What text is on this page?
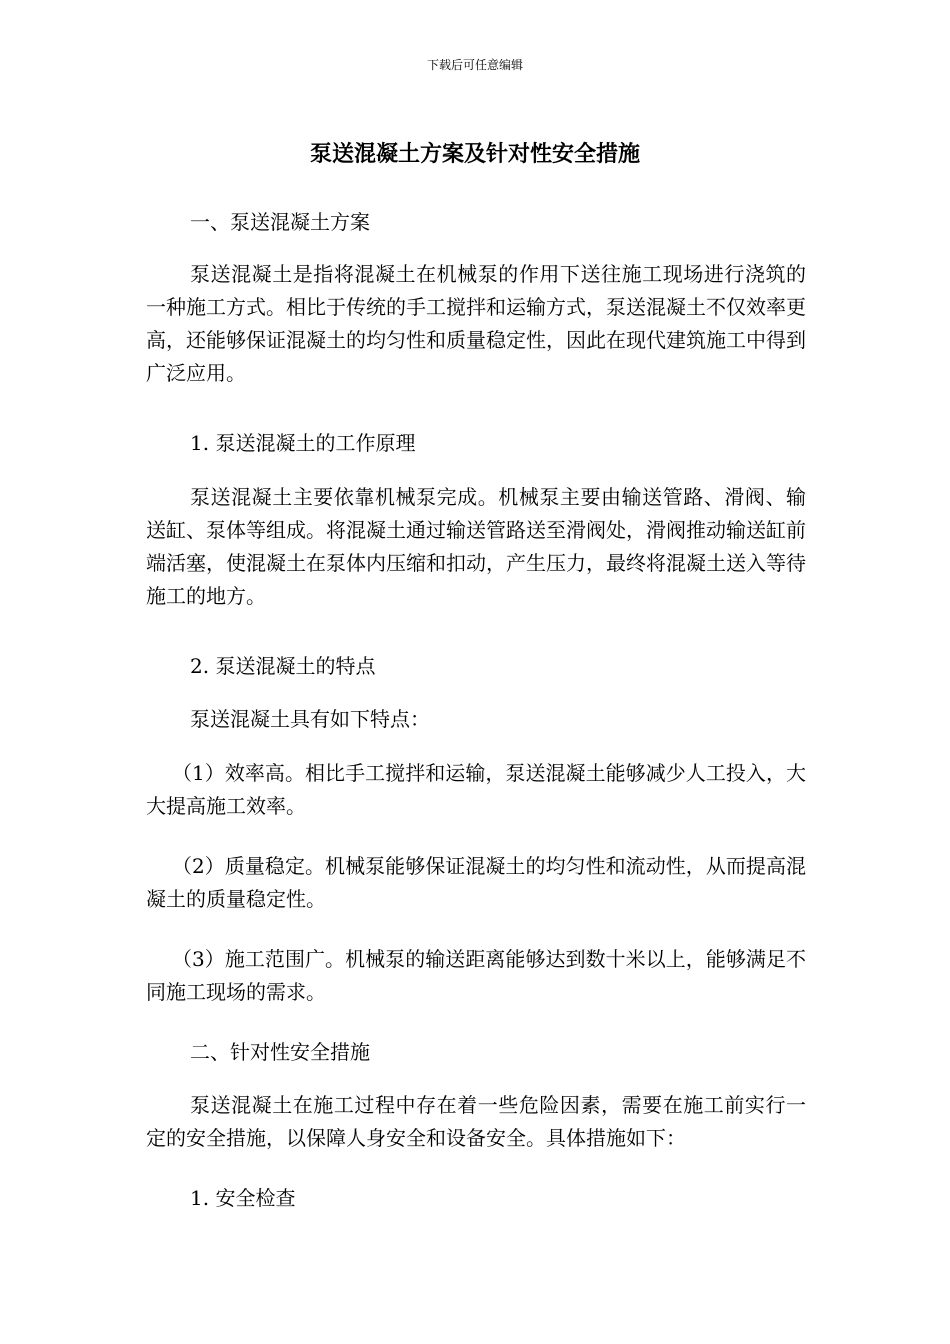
下载后可任意编辑
泵送混凝土方案及针对性安全措施

一、泵送混凝土方案

泵送混凝土是指将混凝土在机械泵的作用下送往施工现场进行浇筑的一种施工方式。相比于传统的手工搅拌和运输方式，泵送混凝土不仅效率更高，还能够保证混凝土的均匀性和质量稳定性，因此在现代建筑施工中得到广泛应用。

1. 泵送混凝土的工作原理

泵送混凝土主要依靠机械泵完成。机械泵主要由输送管路、滑阀、输送缸、泵体等组成。将混凝土通过输送管路送至滑阀处，滑阀推动输送缸前端活塞，使混凝土在泵体内压缩和扣动，产生压力，最终将混凝土送入等待施工的地方。

2. 泵送混凝土的特点

泵送混凝土具有如下特点：

（1）效率高。相比手工搅拌和运输，泵送混凝土能够减少人工投入，大大提高施工效率。

（2）质量稳定。机械泵能够保证混凝土的均匀性和流动性，从而提高混凝土的质量稳定性。

（3）施工范围广。机械泵的输送距离能够达到数十米以上，能够满足不同施工现场的需求。

二、针对性安全措施

泵送混凝土在施工过程中存在着一些危险因素，需要在施工前实行一定的安全措施，以保障人身安全和设备安全。具体措施如下：

1. 安全检查
